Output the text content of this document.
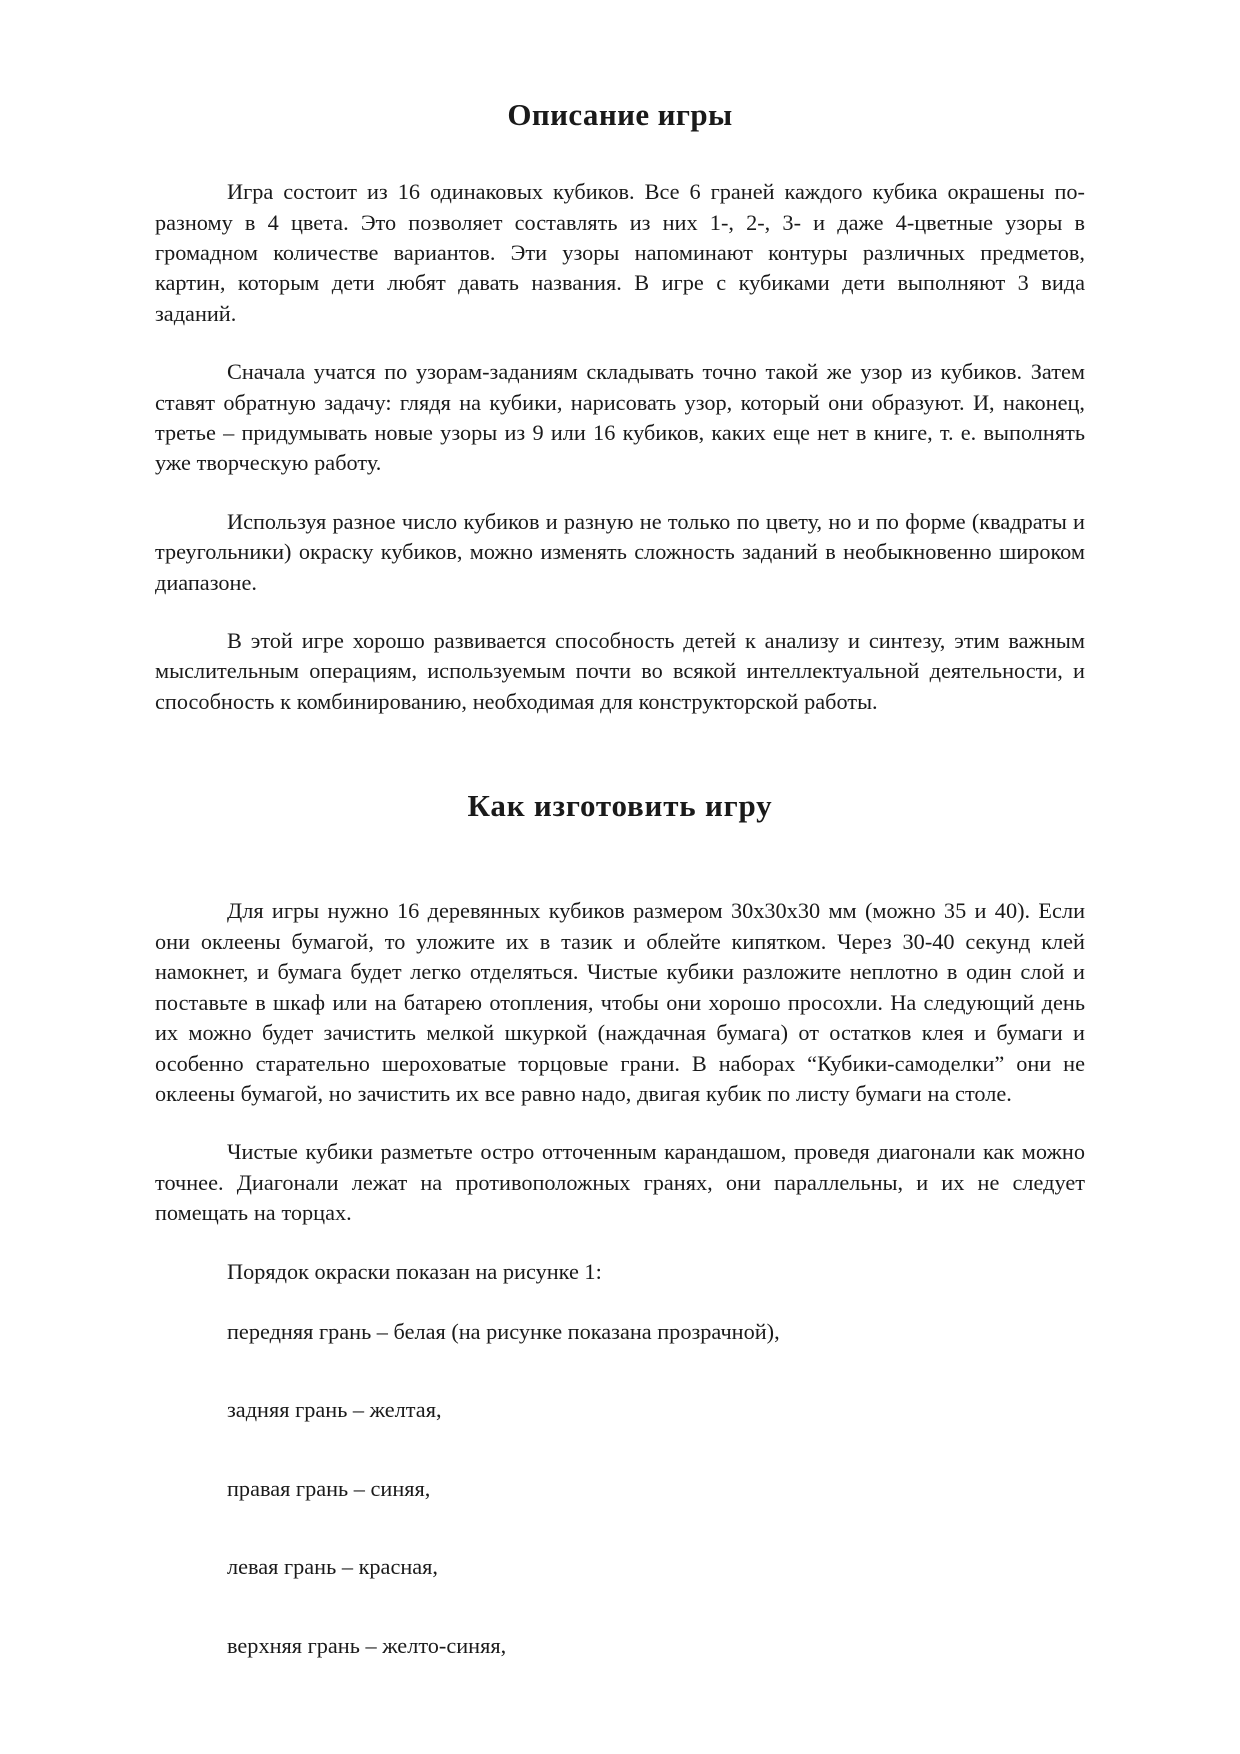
Описание игры

Игра состоит из 16 одинаковых кубиков. Все 6 граней каждого кубика окрашены по-разному в 4 цвета. Это позволяет составлять из них 1-, 2-, 3- и даже 4-цветные узоры в громадном количестве вариантов. Эти узоры напоминают контуры различных предметов, картин, которым дети любят давать названия. В игре с кубиками дети выполняют 3 вида заданий.

Сначала учатся по узорам-заданиям складывать точно такой же узор из кубиков. Затем ставят обратную задачу: глядя на кубики, нарисовать узор, который они образуют. И, наконец, третье – придумывать новые узоры из 9 или 16 кубиков, каких еще нет в книге, т. е. выполнять уже творческую работу.

Используя разное число кубиков и разную не только по цвету, но и по форме (квадраты и треугольники) окраску кубиков, можно изменять сложность заданий в необыкновенно широком диапазоне.

В этой игре хорошо развивается способность детей к анализу и синтезу, этим важным мыслительным операциям, используемым почти во всякой интеллектуальной деятельности, и способность к комбинированию, необходимая для конструкторской работы.

Как изготовить игру

Для игры нужно 16 деревянных кубиков размером 30х30х30 мм (можно 35 и 40). Если они оклеены бумагой, то уложите их в тазик и облейте кипятком. Через 30-40 секунд клей намокнет, и бумага будет легко отделяться. Чистые кубики разложите неплотно в один слой и поставьте в шкаф или на батарею отопления, чтобы они хорошо просохли. На следующий день их можно будет зачистить мелкой шкуркой (наждачная бумага) от остатков клея и бумаги и особенно старательно шероховатые торцовые грани. В наборах “Кубики-самоделки” они не оклеены бумагой, но зачистить их все равно надо, двигая кубик по листу бумаги на столе.

Чистые кубики разметьте остро отточенным карандашом, проведя диагонали как можно точнее. Диагонали лежат на противоположных гранях, они параллельны, и их не следует помещать на торцах.

Порядок окраски показан на рисунке 1:

передняя грань – белая (на рисунке показана прозрачной),
задняя грань – желтая,
правая грань – синяя,
левая грань – красная,
верхняя грань – желто-синяя,
